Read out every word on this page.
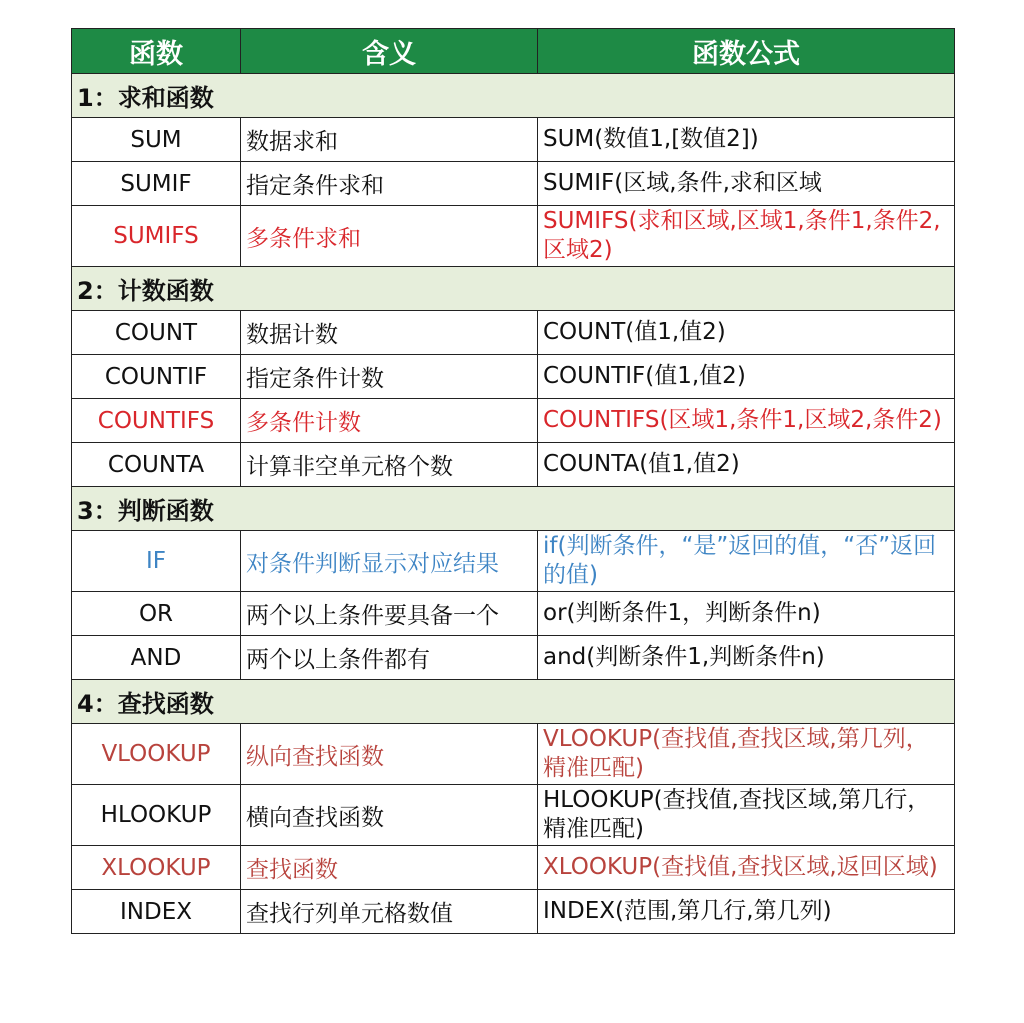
函数	含义	函数公式
1：求和函数		
SUM	数据求和	SUM(数值1,[数值2])
SUMIF	指定条件求和	SUMIF(区域,条件,求和区域
SUMIFS	多条件求和	SUMIFS(求和区域,区域1,条件1,条件2,区域2)
2：计数函数		
COUNT	数据计数	COUNT(值1,值2)
COUNTIF	指定条件计数	COUNTIF(值1,值2)
COUNTIFS	多条件计数	COUNTIFS(区域1,条件1,区域2,条件2)
COUNTA	计算非空单元格个数	COUNTA(值1,值2)
3：判断函数		
IF	对条件判断显示对应结果	if(判断条件，“是”返回的值，“否”返回的值)
OR	两个以上条件要具备一个	or(判断条件1，判断条件n)
AND	两个以上条件都有	and(判断条件1,判断条件n)
4：查找函数		
VLOOKUP	纵向查找函数	VLOOKUP(查找值,查找区域,第几列，精准匹配)
HLOOKUP	横向查找函数	HLOOKUP(查找值,查找区域,第几行，精准匹配)
XLOOKUP	查找函数	XLOOKUP(查找值,查找区域,返回区域)
INDEX	查找行列单元格数值	INDEX(范围,第几行,第几列)
